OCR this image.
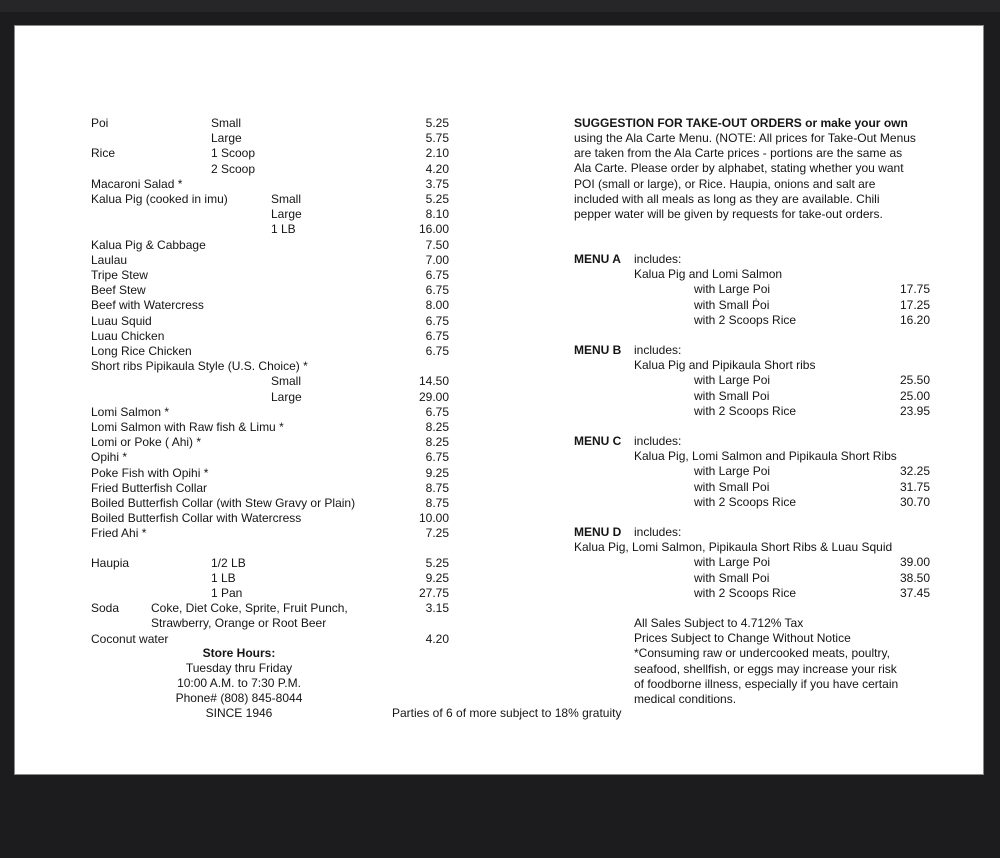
Poi	Small	5.25
Large	5.75
Rice	1 Scoop	2.10
2 Scoop	4.20
Macaroni Salad *	3.75
Kalua Pig (cooked in imu)	Small	5.25
Large	8.10
1 LB	16.00
Kalua Pig & Cabbage	7.50
Laulau	7.00
Tripe Stew	6.75
Beef Stew	6.75
Beef with Watercress	8.00
Luau Squid	6.75
Luau Chicken	6.75
Long Rice Chicken	6.75
Short ribs Pipikaula Style (U.S. Choice) *
Small	14.50
Large	29.00
Lomi Salmon *	6.75
Lomi Salmon with Raw fish & Limu *	8.25
Lomi or Poke ( Ahi) *	8.25
Opihi *	6.75
Poke Fish with Opihi *	9.25
Fried Butterfish Collar	8.75
Boiled Butterfish Collar (with Stew Gravy or Plain)	8.75
Boiled Butterfish Collar with Watercress	10.00
Fried Ahi *	7.25
Haupia	1/2 LB	5.25
1 LB	9.25
1 Pan	27.75
Soda	Coke, Diet Coke, Sprite, Fruit Punch,	3.15
Strawberry, Orange or Root Beer
Coconut water	4.20
Store Hours:
Tuesday thru Friday
10:00 A.M. to 7:30 P.M.
Phone# (808) 845-8044
SINCE 1946	Parties of 6 of more subject to 18% gratuity
SUGGESTION FOR TAKE-OUT ORDERS or make your own
using the Ala Carte Menu. (NOTE: All prices for Take-Out Menus
are taken from the Ala Carte prices - portions are the same as
Ala Carte. Please order by alphabet, stating whether you want
POI (small or large), or Rice. Haupia, onions and salt are
included with all meals as long as they are available. Chili
pepper water will be given by requests for take-out orders.
MENU A includes:
Kalua Pig and Lomi Salmon
with Large Poi	17.75
with Small Ṗoi	17.25
with 2 Scoops Rice	16.20
MENU B includes:
Kalua Pig and Pipikaula Short ribs
with Large Poi	25.50
with Small Poi	25.00
with 2 Scoops Rice	23.95
MENU C includes:
Kalua Pig, Lomi Salmon and Pipikaula Short Ribs
with Large Poi	32.25
with Small Poi	31.75
with 2 Scoops Rice	30.70
MENU D includes:
Kalua Pig, Lomi Salmon, Pipikaula Short Ribs & Luau Squid
with Large Poi	39.00
with Small Poi	38.50
with 2 Scoops Rice	37.45
All Sales Subject to 4.712% Tax
Prices Subject to Change Without Notice
*Consuming raw or undercooked meats, poultry,
seafood, shellfish, or eggs may increase your risk
of foodborne illness, especially if you have certain
medical conditions.
